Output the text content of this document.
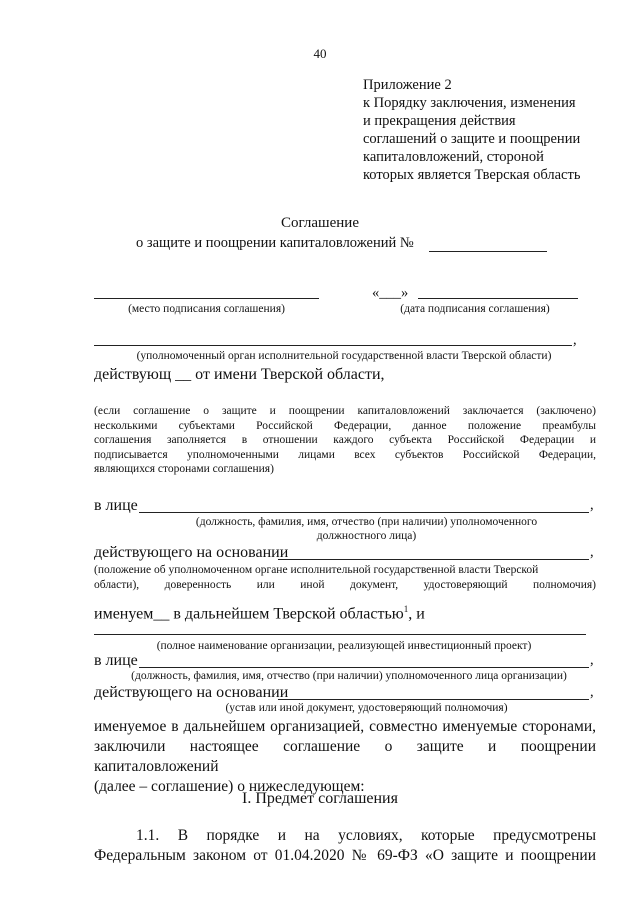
40
Приложение 2
к Порядку заключения, изменения
и прекращения действия
соглашений о защите и поощрении
капиталовложений, стороной
которых является Тверская область
Соглашение
о защите и поощрении капиталовложений №
(место подписания соглашения)
«___»
(дата подписания соглашения)
,
(уполномоченный орган исполнительной государственной власти Тверской области)
действующ __ от имени Тверской области,
(если соглашение о защите и поощрении капиталовложений заключается (заключено)
несколькими субъектами Российской Федерации, данное положение преамбулы
соглашения заполняется в отношении каждого субъекта Российской Федерации и
подписывается уполномоченными лицами всех субъектов Российской Федерации,
являющихся сторонами соглашения)
в лице	,
(должность, фамилия, имя, отчество (при наличии) уполномоченного
должностного лица)
действующего на основании	,
(положение об уполномоченном органе исполнительной государственной власти Тверской
области), доверенность или иной документ, удостоверяющий полномочия)
именуем__ в дальнейшем Тверской областью$^1$, и
(полное наименование организации, реализующей инвестиционный проект)
в лице	,
(должность, фамилия, имя, отчество (при наличии) уполномоченного лица организации)
действующего на основании	,
(устав или иной документ, удостоверяющий полномочия)
именуемое в дальнейшем организацией, совместно именуемые сторонами,
заключили настоящее соглашение о защите и поощрении капиталовложений
(далее – соглашение) о нижеследующем:
I. Предмет соглашения
1.1. В порядке и на условиях, которые предусмотрены
Федеральным законом от 01.04.2020 № 69-ФЗ «О защите и поощрении
